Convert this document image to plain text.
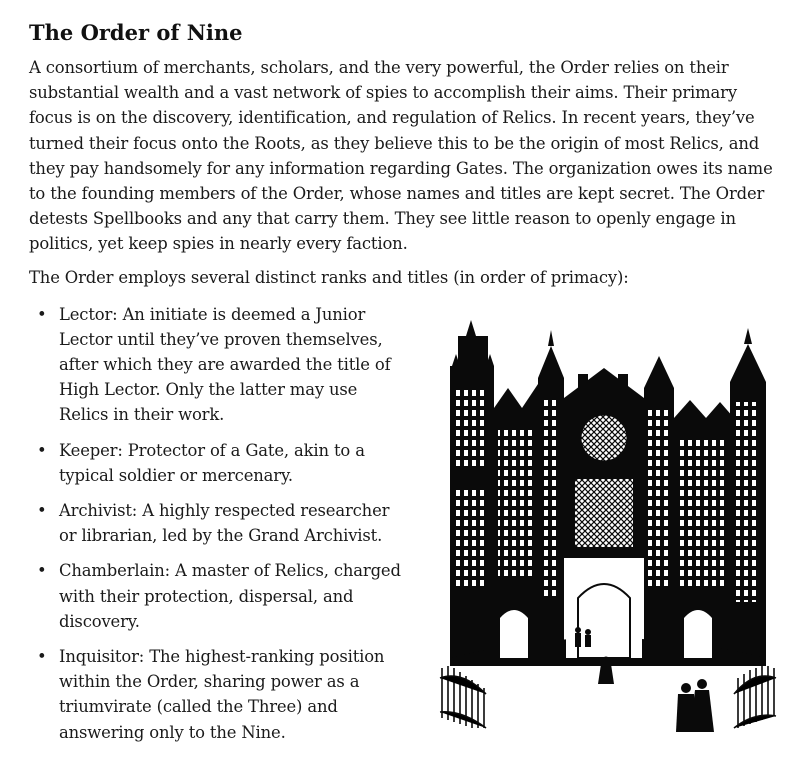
The Order of Nine

A consortium of merchants, scholars, and the very powerful, the Order relies on their substantial wealth and a vast network of spies to accomplish their aims. Their primary focus is on the discovery, identification, and regulation of Relics. In recent years, they’ve turned their focus onto the Roots, as they believe this to be the origin of most Relics, and they pay handsomely for any information regarding Gates. The organization owes its name to the founding members of the Order, whose names and titles are kept secret. The Order detests Spellbooks and any that carry them. They see little reason to openly engage in politics, yet keep spies in nearly every faction.

The Order employs several distinct ranks and titles (in order of primacy):

• Lector: An initiate is deemed a Junior Lector until they’ve proven themselves, after which they are awarded the title of High Lector. Only the latter may use Relics in their work.
• Keeper: Protector of a Gate, akin to a typical soldier or mercenary.
• Archivist: A highly respected researcher or librarian, led by the Grand Archivist.
• Chamberlain: A master of Relics, charged with their protection, dispersal, and discovery.
• Inquisitor: The highest-ranking position within the Order, sharing power as a triumvirate (called the Three) and answering only to the Nine.
